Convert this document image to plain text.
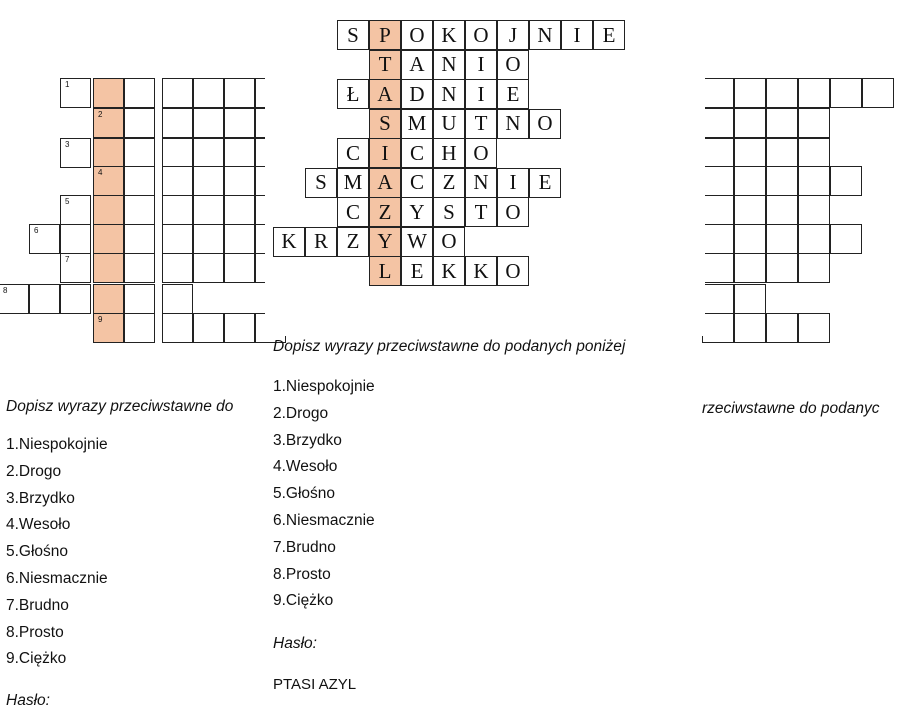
1
2
3
4
5
6
7
8
9
S P O K O J N I	E
T A N I O
Ł A D N I	E
S M U T N O
C	I	C H O
S M A C Z N I	E
C Z Y S T O
K R Z Y W O
L E K K O
Dopisz wyrazy przeciwstawne do
1.Niespokojnie
2.Drogo
3.Brzydko
4.Wesoło
5.Głośno
6.Niesmacznie
7.Brudno
8.Prosto
9.Ciężko
Hasło:
rzeciwstawne do podanyc
Dopisz wyrazy przeciwstawne do podanych poniżej
1.Niespokojnie
2.Drogo
3.Brzydko
4.Wesoło
5.Głośno
6.Niesmacznie
7.Brudno
8.Prosto
9.Ciężko
Hasło:
PTASI AZYL
